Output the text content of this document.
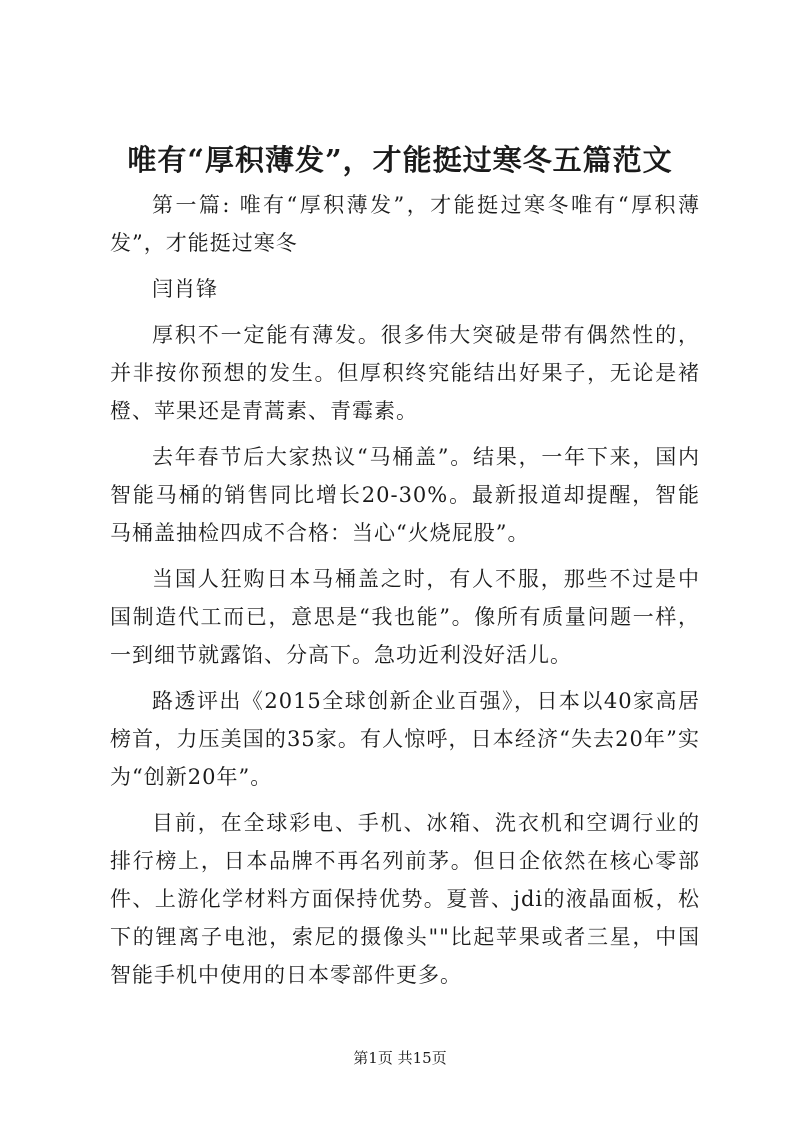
唯有“厚积薄发”，才能挺过寒冬五篇范文

第一篇: 唯有“厚积薄发”，才能挺过寒冬唯有“厚积薄发”，才能挺过寒冬

闫肖锋

厚积不一定能有薄发。很多伟大突破是带有偶然性的，并非按你预想的发生。但厚积终究能结出好果子，无论是褚橙、苹果还是青蒿素、青霉素。

去年春节后大家热议“马桶盖”。结果，一年下来，国内智能马桶的销售同比增长20-30%。最新报道却提醒，智能马桶盖抽检四成不合格：当心“火烧屁股”。

当国人狂购日本马桶盖之时，有人不服，那些不过是中国制造代工而已，意思是“我也能”。像所有质量问题一样，一到细节就露馅、分高下。急功近利没好活儿。

路透评出《2015全球创新企业百强》，日本以40家高居榜首，力压美国的35家。有人惊呼，日本经济“失去20年”实为“创新20年”。

目前，在全球彩电、手机、冰箱、洗衣机和空调行业的排行榜上，日本品牌不再名列前茅。但日企依然在核心零部件、上游化学材料方面保持优势。夏普、jdi的液晶面板，松下的锂离子电池，索尼的摄像头""比起苹果或者三星，中国智能手机中使用的日本零部件更多。

第1页 共15页
